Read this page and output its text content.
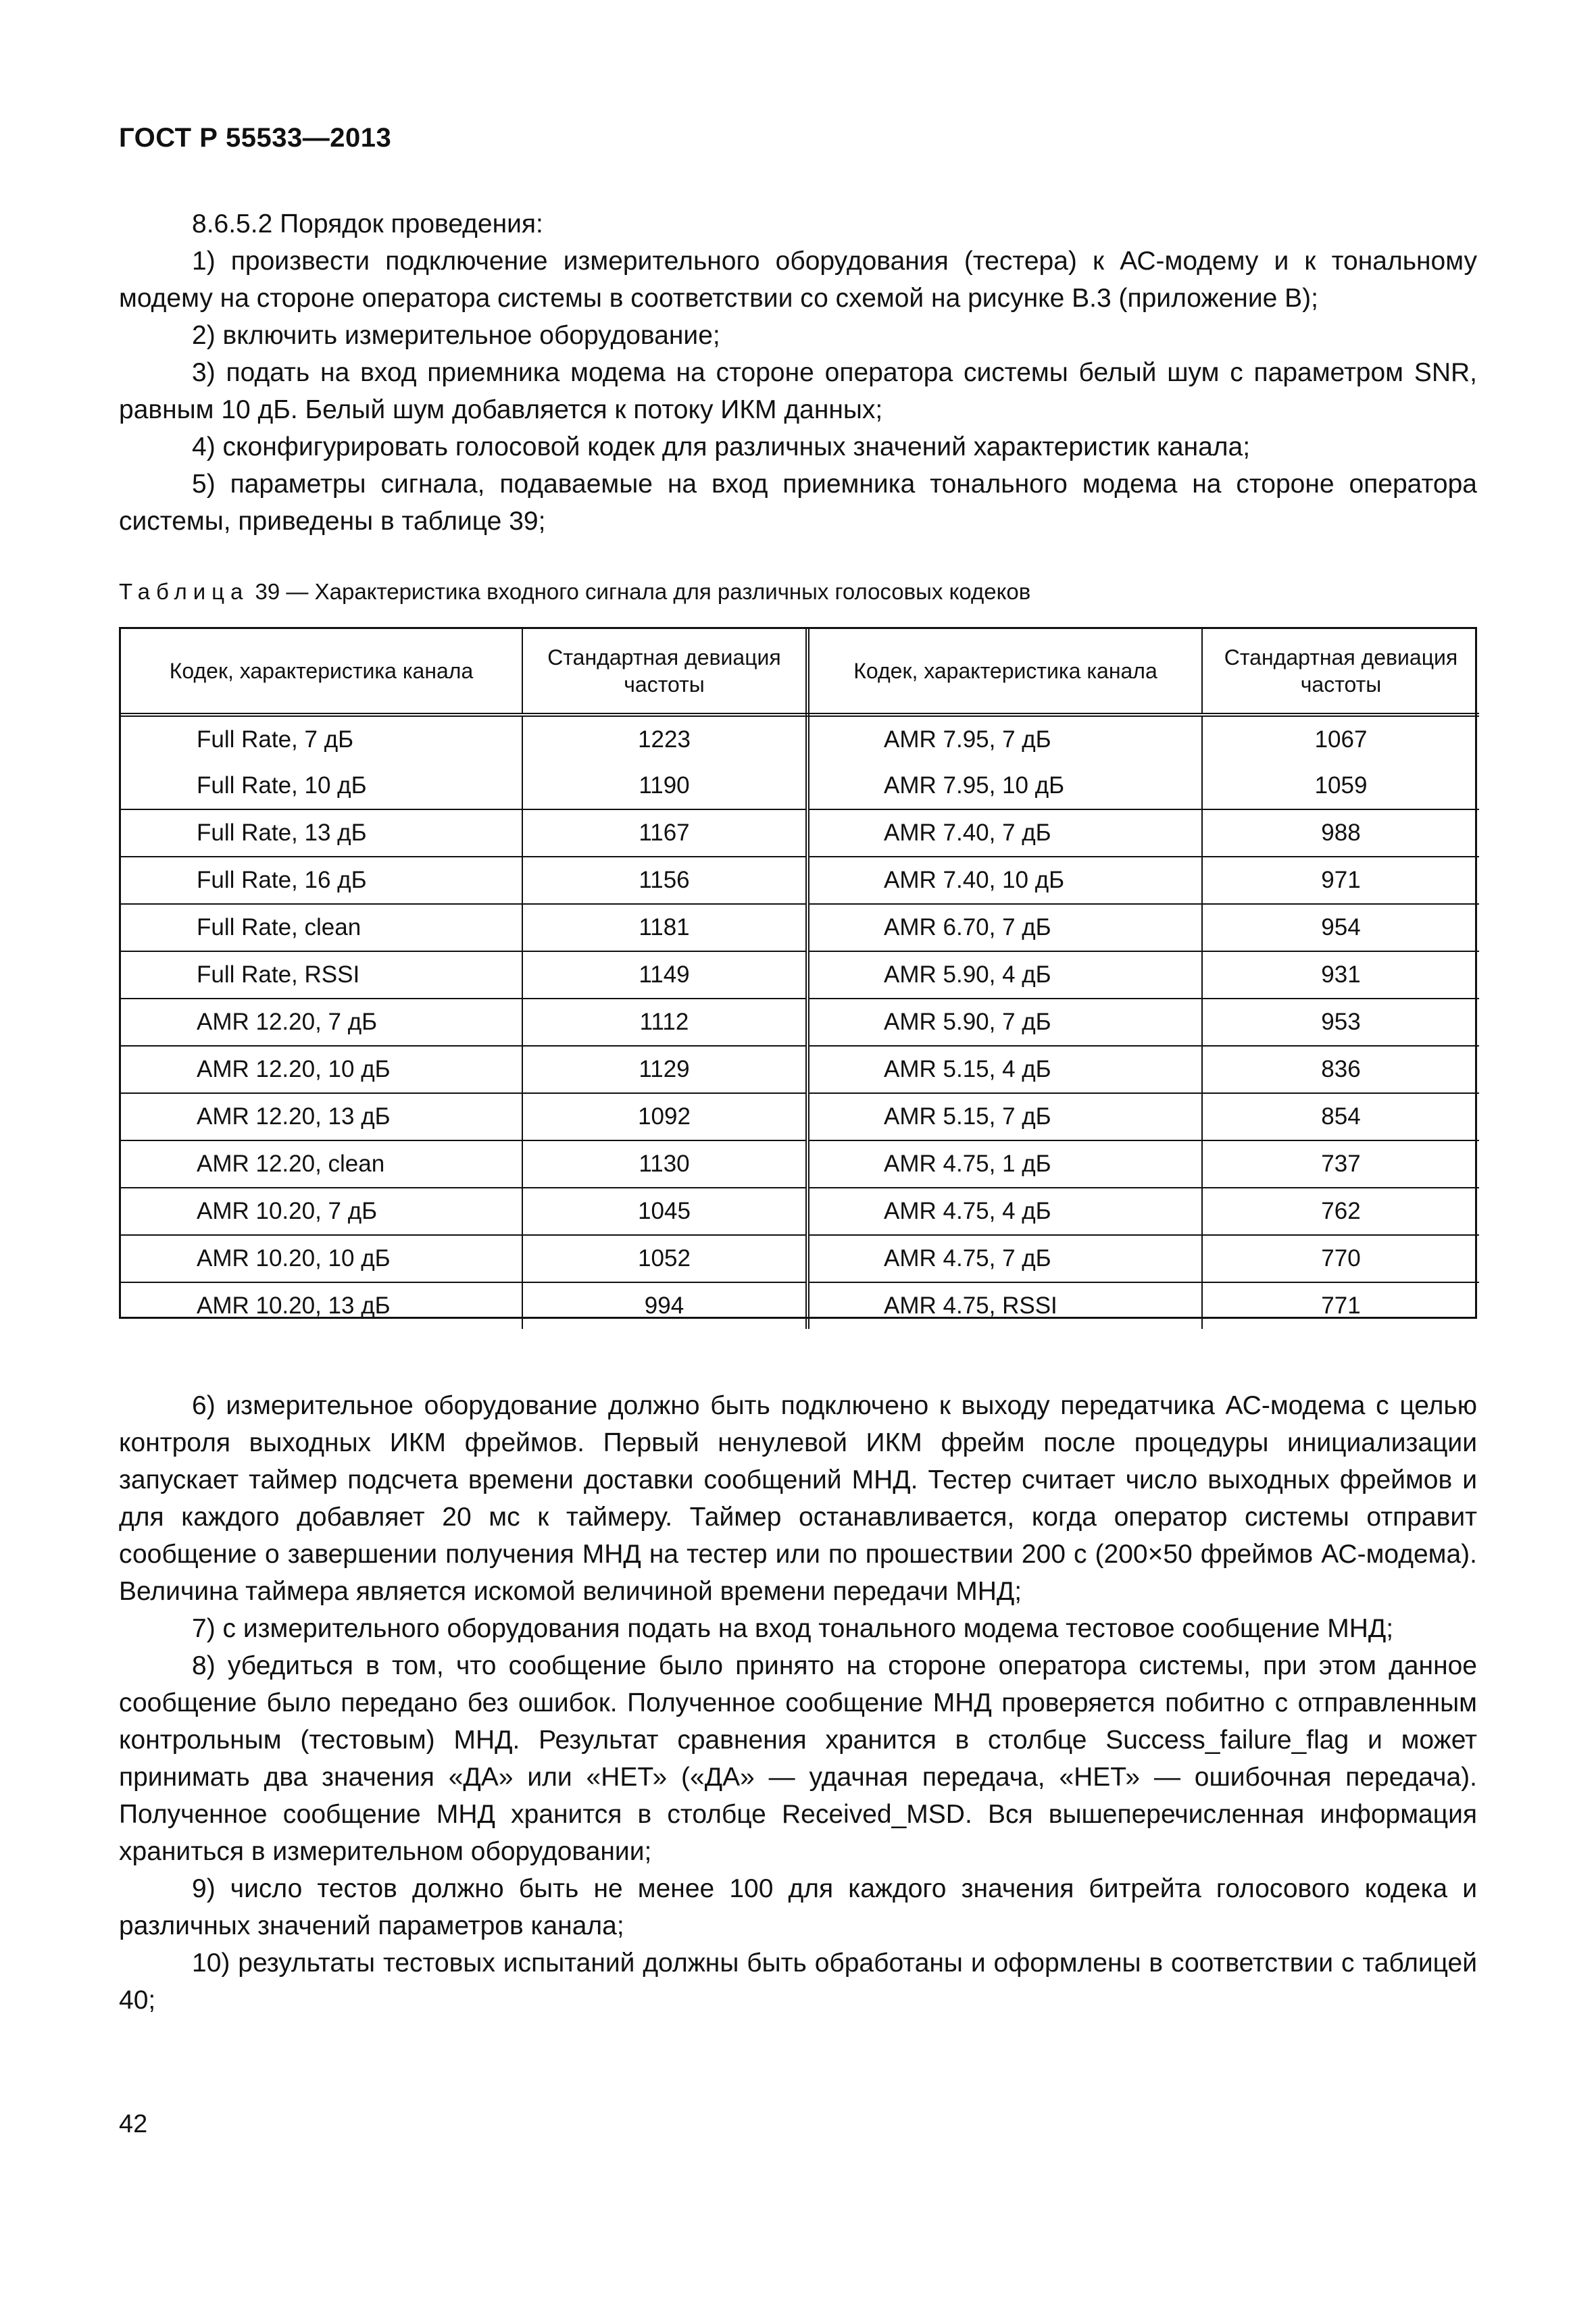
ГОСТ Р 55533—2013

8.6.5.2 Порядок проведения:

1) произвести подключение измерительного оборудования (тестера) к АС-модему и к тональному модему на стороне оператора системы в соответствии со схемой на рисунке В.3 (приложение В);

2) включить измерительное оборудование;

3) подать на вход приемника модема на стороне оператора системы белый шум с параметром SNR, равным 10 дБ. Белый шум добавляется к потоку ИКМ данных;

4) сконфигурировать голосовой кодек для различных значений характеристик канала;

5) параметры сигнала, подаваемые на вход приемника тонального модема на стороне оператора системы, приведены в таблице 39;

Таблица 39 — Характеристика входного сигнала для различных голосовых кодеков
Кодек, характеристика канала	Стандартная девиация частоты	Кодек, характеристика канала	Стандартная девиация частоты
Full Rate, 7 дБ	1223	AMR 7.95, 7 дБ	1067
Full Rate, 10 дБ	1190	AMR 7.95, 10 дБ	1059
Full Rate, 13 дБ	1167	AMR 7.40, 7 дБ	988
Full Rate, 16 дБ	1156	AMR 7.40, 10 дБ	971
Full Rate, clean	1181	AMR 6.70, 7 дБ	954
Full Rate, RSSI	1149	AMR 5.90, 4 дБ	931
AMR 12.20, 7 дБ	1112	AMR 5.90, 7 дБ	953
AMR 12.20, 10 дБ	1129	AMR 5.15, 4 дБ	836
AMR 12.20, 13 дБ	1092	AMR 5.15, 7 дБ	854
AMR 12.20, clean	1130	AMR 4.75, 1 дБ	737
AMR 10.20, 7 дБ	1045	AMR 4.75, 4 дБ	762
AMR 10.20, 10 дБ	1052	AMR 4.75, 7 дБ	770
AMR 10.20, 13 дБ	994	AMR 4.75, RSSI	771

6) измерительное оборудование должно быть подключено к выходу передатчика АС-модема с целью контроля выходных ИКМ фреймов. Первый ненулевой ИКМ фрейм после процедуры инициализации запускает таймер подсчета времени доставки сообщений МНД. Тестер считает число выходных фреймов и для каждого добавляет 20 мс к таймеру. Таймер останавливается, когда оператор системы отправит сообщение о завершении получения МНД на тестер или по прошествии 200 с (200×50 фреймов АС-модема). Величина таймера является искомой величиной времени передачи МНД;

7) с измерительного оборудования подать на вход тонального модема тестовое сообщение МНД;

8) убедиться в том, что сообщение было принято на стороне оператора системы, при этом данное сообщение было передано без ошибок. Полученное сообщение МНД проверяется побитно с отправленным контрольным (тестовым) МНД. Результат сравнения хранится в столбце Success_failure_flag и может принимать два значения «ДА» или «НЕТ» («ДА» — удачная передача, «НЕТ» — ошибочная передача). Полученное сообщение МНД хранится в столбце Received_MSD. Вся вышеперечисленная информация храниться в измерительном оборудовании;

9) число тестов должно быть не менее 100 для каждого значения битрейта голосового кодека и различных значений параметров канала;

10) результаты тестовых испытаний должны быть обработаны и оформлены в соответствии с таблицей 40;

42
